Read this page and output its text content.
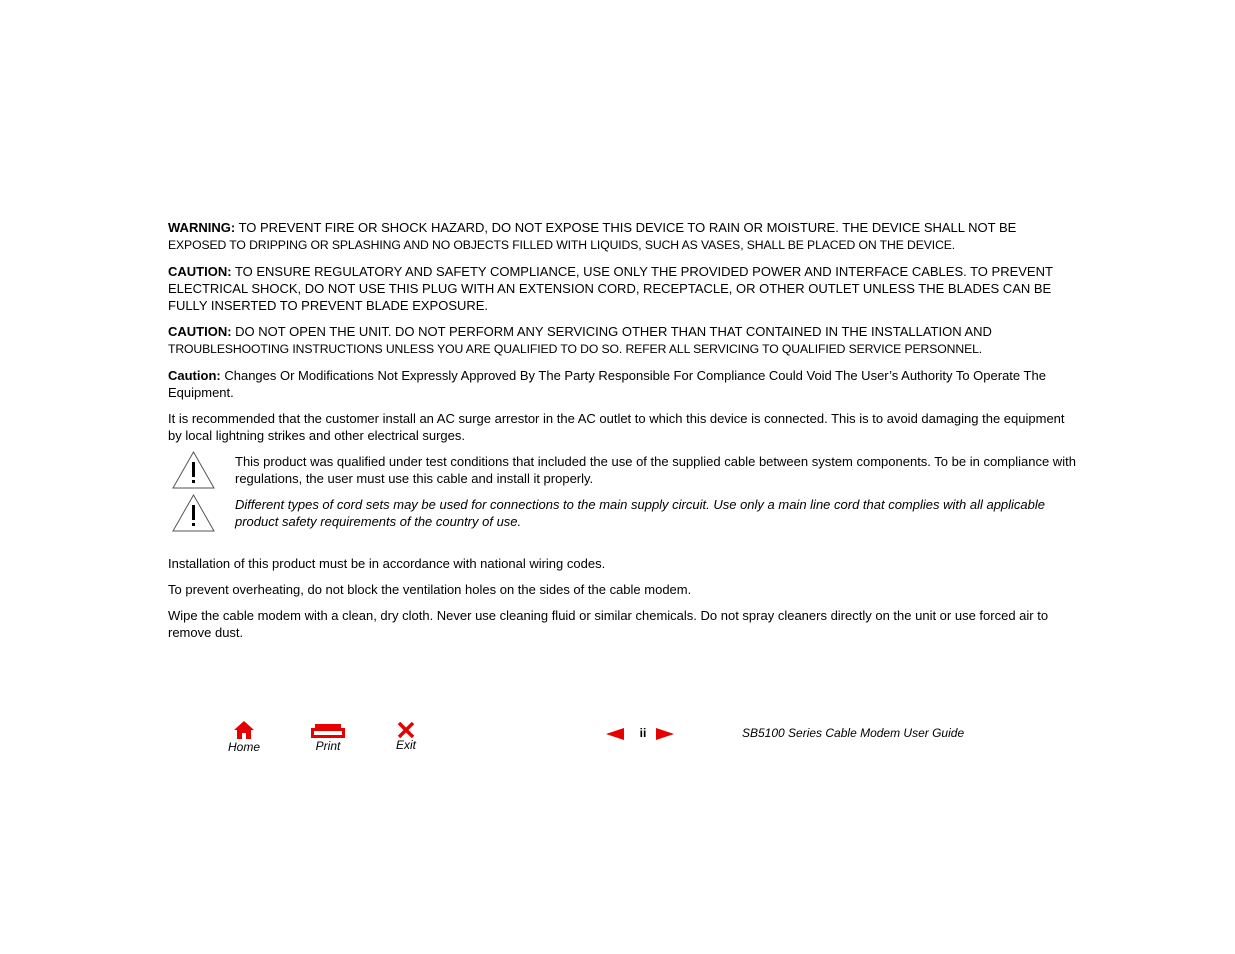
WARNING: TO PREVENT FIRE OR SHOCK HAZARD, DO NOT EXPOSE THIS DEVICE TO RAIN OR MOISTURE. THE DEVICE SHALL NOT BE
EXPOSED TO DRIPPING OR SPLASHING AND NO OBJECTS FILLED WITH LIQUIDS, SUCH AS VASES, SHALL BE PLACED ON THE DEVICE.

CAUTION: TO ENSURE REGULATORY AND SAFETY COMPLIANCE, USE ONLY THE PROVIDED POWER AND INTERFACE CABLES. TO PREVENT ELECTRICAL SHOCK, DO NOT USE THIS PLUG WITH AN EXTENSION CORD, RECEPTACLE, OR OTHER OUTLET UNLESS THE BLADES CAN BE FULLY INSERTED TO PREVENT BLADE EXPOSURE.

CAUTION: DO NOT OPEN THE UNIT. DO NOT PERFORM ANY SERVICING OTHER THAN THAT CONTAINED IN THE INSTALLATION AND
TROUBLESHOOTING INSTRUCTIONS UNLESS YOU ARE QUALIFIED TO DO SO. REFER ALL SERVICING TO QUALIFIED SERVICE PERSONNEL.

Caution: Changes Or Modifications Not Expressly Approved By The Party Responsible For Compliance Could Void The User’s Authority To Operate The Equipment.

It is recommended that the customer install an AC surge arrestor in the AC outlet to which this device is connected. This is to avoid damaging the equipment by local lightning strikes and other electrical surges.

This product was qualified under test conditions that included the use of the supplied cable between system components. To be in compliance with regulations, the user must use this cable and install it properly.
Different types of cord sets may be used for connections to the main supply circuit. Use only a main line cord that complies with all applicable product safety requirements of the country of use.

Installation of this product must be in accordance with national wiring codes.

To prevent overheating, do not block the ventilation holes on the sides of the cable modem.

Wipe the cable modem with a clean, dry cloth. Never use cleaning fluid or similar chemicals. Do not spray cleaners directly on the unit or use forced air to remove dust.

Home	Print	Exit
ii	SB5100 Series Cable Modem User Guide
